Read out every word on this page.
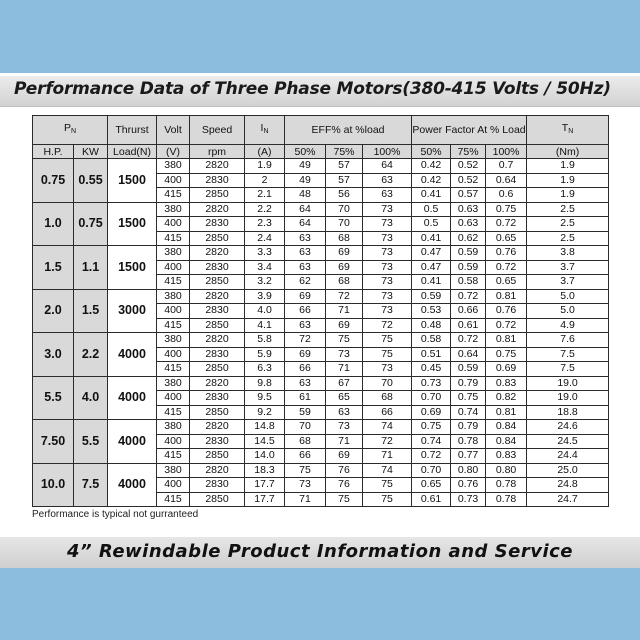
Performance Data of Three Phase Motors(380-415 Volts / 50Hz)
$P_N$		Thrurst	Volt	Speed	$I_N$	EFF% at %load			Power Factor At % Load			$T_N$
H.P.	KW	Load(N)	(V)	rpm	(A)	50%	75%	100%	50%	75%	100%	(Nm)
0.75	0.55	1500	380	2820	1.9	49	57	64	0.42	0.52	0.7	1.9
			400	2830	2	49	57	63	0.42	0.52	0.64	1.9
			415	2850	2.1	48	56	63	0.41	0.57	0.6	1.9
1.0	0.75	1500	380	2820	2.2	64	70	73	0.5	0.63	0.75	2.5
			400	2830	2.3	64	70	73	0.5	0.63	0.72	2.5
			415	2850	2.4	63	68	73	0.41	0.62	0.65	2.5
1.5	1.1	1500	380	2820	3.3	63	69	73	0.47	0.59	0.76	3.8
			400	2830	3.4	63	69	73	0.47	0.59	0.72	3.7
			415	2850	3.2	62	68	73	0.41	0.58	0.65	3.7
2.0	1.5	3000	380	2820	3.9	69	72	73	0.59	0.72	0.81	5.0
			400	2830	4.0	66	71	73	0.53	0.66	0.76	5.0
			415	2850	4.1	63	69	72	0.48	0.61	0.72	4.9
3.0	2.2	4000	380	2820	5.8	72	75	75	0.58	0.72	0.81	7.6
			400	2830	5.9	69	73	75	0.51	0.64	0.75	7.5
			415	2850	6.3	66	71	73	0.45	0.59	0.69	7.5
5.5	4.0	4000	380	2820	9.8	63	67	70	0.73	0.79	0.83	19.0
			400	2830	9.5	61	65	68	0.70	0.75	0.82	19.0
			415	2850	9.2	59	63	66	0.69	0.74	0.81	18.8
7.50	5.5	4000	380	2820	14.8	70	73	74	0.75	0.79	0.84	24.6
			400	2830	14.5	68	71	72	0.74	0.78	0.84	24.5
			415	2850	14.0	66	69	71	0.72	0.77	0.83	24.4
10.0	7.5	4000	380	2820	18.3	75	76	74	0.70	0.80	0.80	25.0
			400	2830	17.7	73	76	75	0.65	0.76	0.78	24.8
			415	2850	17.7	71	75	75	0.61	0.73	0.78	24.7
Performance is typical not gurranteed
4” Rewindable Product Information and Service
